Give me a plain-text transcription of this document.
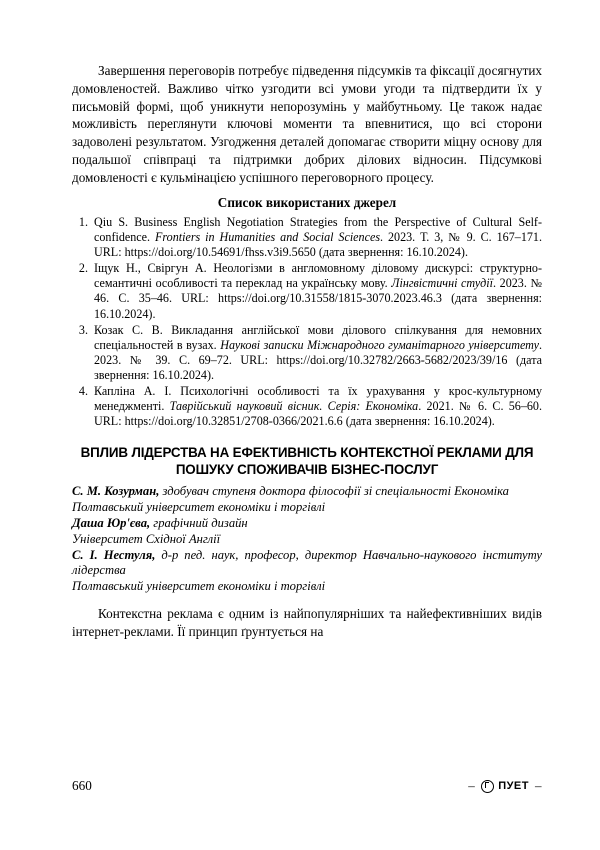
Завершення переговорів потребує підведення підсумків та фіксації досягнутих домовленостей. Важливо чітко узгодити всі умови угоди та підтвердити їх у письмовій формі, щоб уникнути непорозумінь у майбутньому. Це також надає можливість переглянути ключові моменти та впевнитися, що всі сторони задоволені результатом. Узгодження деталей допомагає створити міцну основу для подальшої співпраці та підтримки добрих ділових відносин. Підсумкові домовленості є кульмінацією успішного переговорного процесу.

Список використаних джерел
1. Qiu S. Business English Negotiation Strategies from the Perspective of Cultural Self-confidence. Frontiers in Humanities and Social Sciences. 2023. Т. 3, № 9. С. 167–171. URL: https://doi.org/10.54691/fhss.v3i9.5650 (дата звернення: 16.10.2024).
2. Іщук Н., Свіргун А. Неологізми в англомовному діловому дискурсі: структурно-семантичні особливості та переклад на українську мову. Лінгвістичні студії. 2023. № 46. С. 35–46. URL: https://doi.org/10.31558/1815-3070.2023.46.3 (дата звернення: 16.10.2024).
3. Козак С. В. Викладання англійської мови ділового спілкування для немовних спеціальностей в вузах. Наукові записки Міжнародного гуманітарного університету. 2023. № 39. С. 69–72. URL: https://doi.org/10.32782/2663-5682/2023/39/16 (дата звернення: 16.10.2024).
4. Капліна А. І. Психологічні особливості та їх урахування у крос-культурному менеджменті. Таврійський науковий вісник. Серія: Економіка. 2021. № 6. С. 56–60. URL: https://doi.org/10.32851/2708-0366/2021.6.6 (дата звернення: 16.10.2024).
ВПЛИВ ЛІДЕРСТВА НА ЕФЕКТИВНІСТЬ КОНТЕКСТНОЇ РЕКЛАМИ ДЛЯ ПОШУКУ СПОЖИВАЧІВ БІЗНЕС-ПОСЛУГ
С. М. Козурман, здобувач ступеня доктора філософії зі спеціальності Економіка
Полтавський університет економіки і торгівлі
Даша Юр'єва, графічний дизайн
Університет Східної Англії
С. І. Нестуля, д-р пед. наук, професор, директор Навчально-наукового інституту лідерства
Полтавський університет економіки і торгівлі

Контекстна реклама є одним із найпопулярніших та найефективніших видів інтернет-реклами. Її принцип ґрунтується на

660	– ПУЕТ –
